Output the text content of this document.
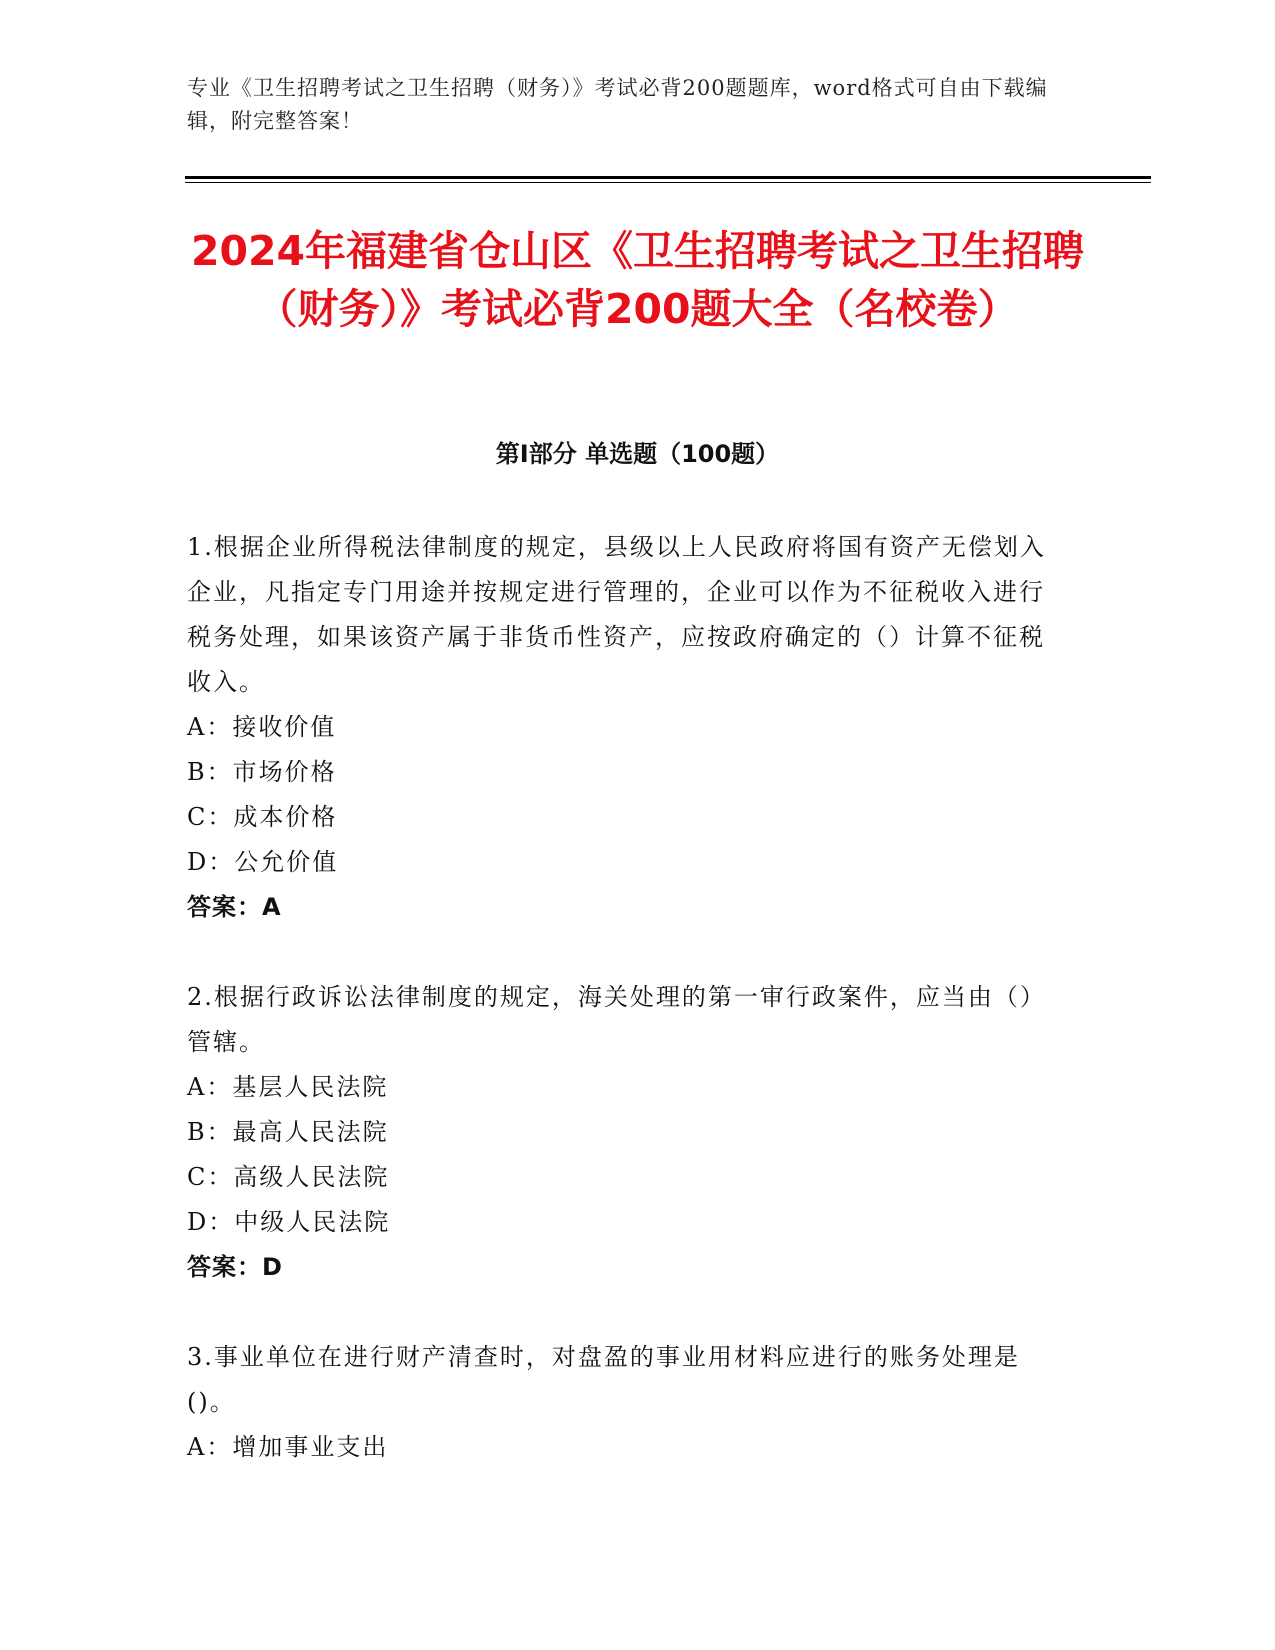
专业《卫生招聘考试之卫生招聘（财务）》考试必背200题题库，word格式可自由下载编辑，附完整答案！
2024年福建省仓山区《卫生招聘考试之卫生招聘（财务）》考试必背200题大全（名校卷）
第I部分 单选题（100题）
1.根据企业所得税法律制度的规定，县级以上人民政府将国有资产无偿划入企业，凡指定专门用途并按规定进行管理的，企业可以作为不征税收入进行税务处理，如果该资产属于非货币性资产，应按政府确定的（）计算不征税收入。
A：接收价值
B：市场价格
C：成本价格
D：公允价值
答案：A
2.根据行政诉讼法律制度的规定，海关处理的第一审行政案件，应当由（）管辖。
A：基层人民法院
B：最高人民法院
C：高级人民法院
D：中级人民法院
答案：D
3.事业单位在进行财产清查时，对盘盈的事业用材料应进行的账务处理是()。
A：增加事业支出
